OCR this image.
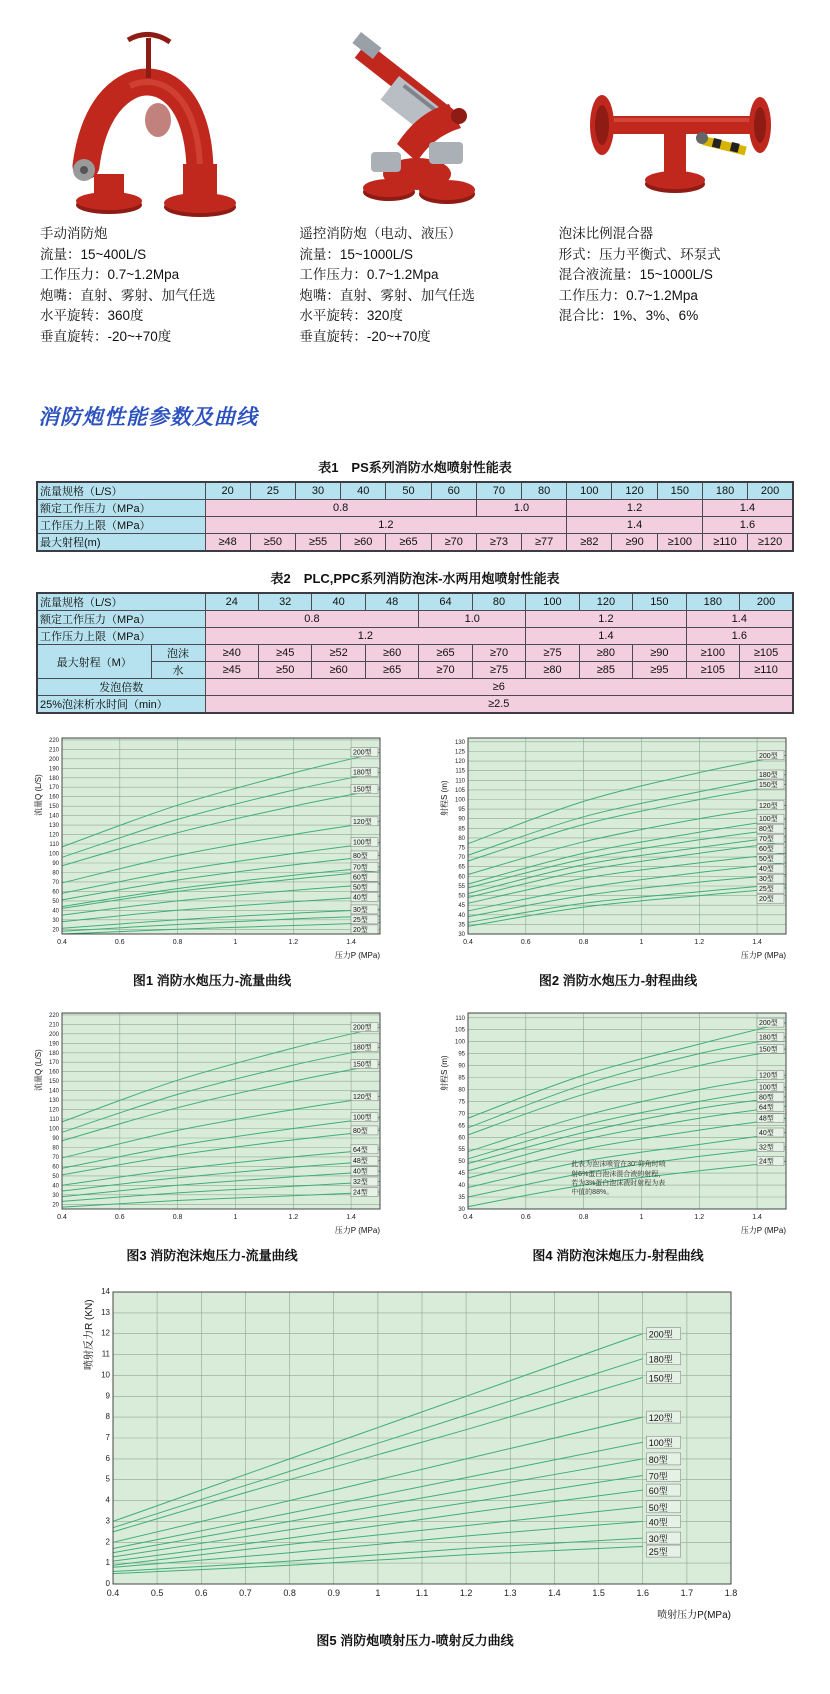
手动消防炮
流量：15~400L/S
工作压力：0.7~1.2Mpa
炮嘴：直射、雾射、加气任选
水平旋转：360度
垂直旋转：-20~+70度
遥控消防炮（电动、液压）
流量：15~1000L/S
工作压力：0.7~1.2Mpa
炮嘴：直射、雾射、加气任选
水平旋转：320度
垂直旋转：-20~+70度
泡沫比例混合器
形式：压力平衡式、环泵式
混合液流量：15~1000L/S
工作压力：0.7~1.2Mpa
混合比：1%、3%、6%
消防炮性能参数及曲线
表1　PS系列消防水炮喷射性能表
流量规格（L/S）	20	25	30	40	50	60	70	80	100	120	150	180	200
额定工作压力（MPa）	0.8						1.0		1.2			1.4	
工作压力上限（MPa）	1.2								1.4			1.6	
最大射程(m)	≥48	≥50	≥55	≥60	≥65	≥70	≥73	≥77	≥82	≥90	≥100	≥110	≥120
表2　PLC,PPC系列消防泡沫-水两用炮喷射性能表
流量规格（L/S）		24	32	40	48	64	80	100	120	150	180	200
额定工作压力（MPa）		0.8				1.0		1.2			1.4	
工作压力上限（MPa）		1.2						1.4			1.6	
最大射程（M）	泡沫	≥40	≥45	≥52	≥60	≥65	≥70	≥75	≥80	≥90	≥100	≥105
	水	≥45	≥50	≥60	≥65	≥70	≥75	≥80	≥85	≥95	≥105	≥110
发泡倍数		≥6										
25%泡沫析水时间（min）		≥2.5										
20
30
40
50
60
70
80
90
100
110
120
130
140
150
160
170
180
190
200
210
220
0.4	0.6	0.8	1	1.2	1.4
200型
180型
150型
120型
100型
80型
70型
60型
50型
40型
30型
25型
20型
流量Q (L/S)
压力P (MPa)
图1 消防水炮压力-流量曲线
30
35
40
45
50
55
60
65
70
75
80
85
90
95
100
105
110
115
120
125
130
0.4	0.6	0.8	1	1.2	1.4
200型
180型
150型
120型
100型
80型
70型
60型
50型
40型
30型
25型
20型
射程S (m)
压力P (MPa)
图2 消防水炮压力-射程曲线
20
30
40
50
60
70
80
90
100
110
120
130
140
150
160
170
180
190
200
210
220
0.4	0.6	0.8	1	1.2	1.4
200型
180型
150型
120型
100型
80型
64型
48型
40型
32型
24型
流量Q (L/S)
压力P (MPa)
图3 消防泡沫炮压力-流量曲线
30
35
40
45
50
55
60
65
70
75
80
85
90
95
100
105
110
0.4	0.6	0.8	1	1.2	1.4
200型
180型
150型
120型
100型
80型
64型
48型
40型
32型
24型
射程S (m)
压力P (MPa)
此表为泡沫喷管在30°仰角时喷射6%蛋白泡沫混合液的射程，若为3%蛋白泡沫液时射程为表中值的88%。
图4 消防泡沫炮压力-射程曲线
0
1
2
3
4
5
6
7
8
9
10
11
12
13
14
0.4	0.5	0.6	0.7	0.8	0.9	1	1.1	1.2	1.3	1.4	1.5	1.6	1.7	1.8
200型
180型
150型
120型
100型
80型
70型
60型
50型
40型
30型
25型
喷射反力R (KN)
喷射压力P(MPa)
图5 消防炮喷射压力-喷射反力曲线
